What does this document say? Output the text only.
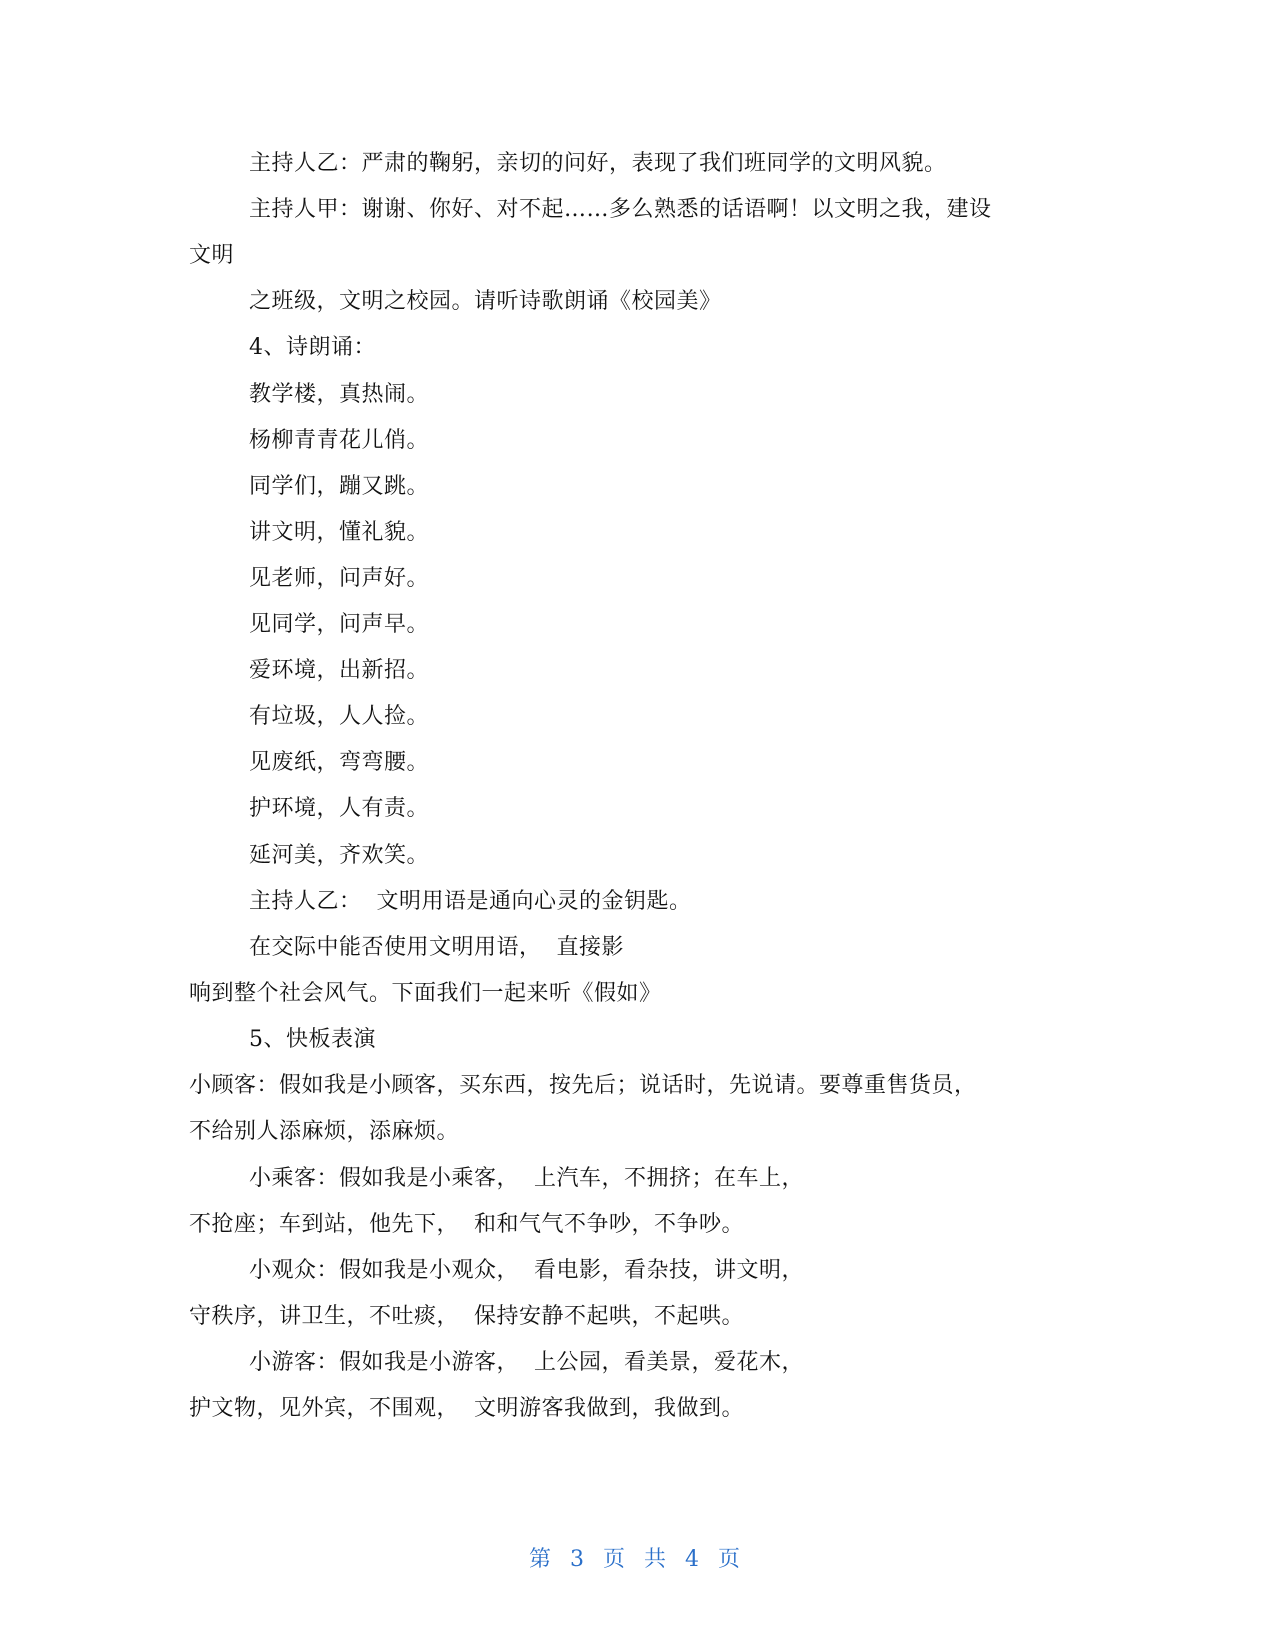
主持人乙：严肃的鞠躬，亲切的问好，表现了我们班同学的文明风貌。
主持人甲：谢谢、你好、对不起……多么熟悉的话语啊！以文明之我，建设
文明
之班级，文明之校园。请听诗歌朗诵《校园美》
4、诗朗诵：
教学楼，真热闹。
杨柳青青花儿俏。
同学们，蹦又跳。
讲文明，懂礼貌。
见老师，问声好。
见同学，问声早。
爱环境，出新招。
有垃圾，人人捡。
见废纸，弯弯腰。
护环境，人有责。
延河美，齐欢笑。
主持人乙：  文明用语是通向心灵的金钥匙。
在交际中能否使用文明用语，  直接影
响到整个社会风气。下面我们一起来听《假如》
5、快板表演
小顾客：假如我是小顾客，买东西，按先后；说话时，先说请。要尊重售货员，
不给别人添麻烦，添麻烦。
小乘客：假如我是小乘客，  上汽车，不拥挤；在车上，
不抢座；车到站，他先下，  和和气气不争吵，不争吵。
小观众：假如我是小观众，  看电影，看杂技，讲文明，
守秩序，讲卫生，不吐痰，  保持安静不起哄，不起哄。
小游客：假如我是小游客，  上公园，看美景，爱花木，
护文物，见外宾，不围观，  文明游客我做到，我做到。
第 3 页 共 4 页
